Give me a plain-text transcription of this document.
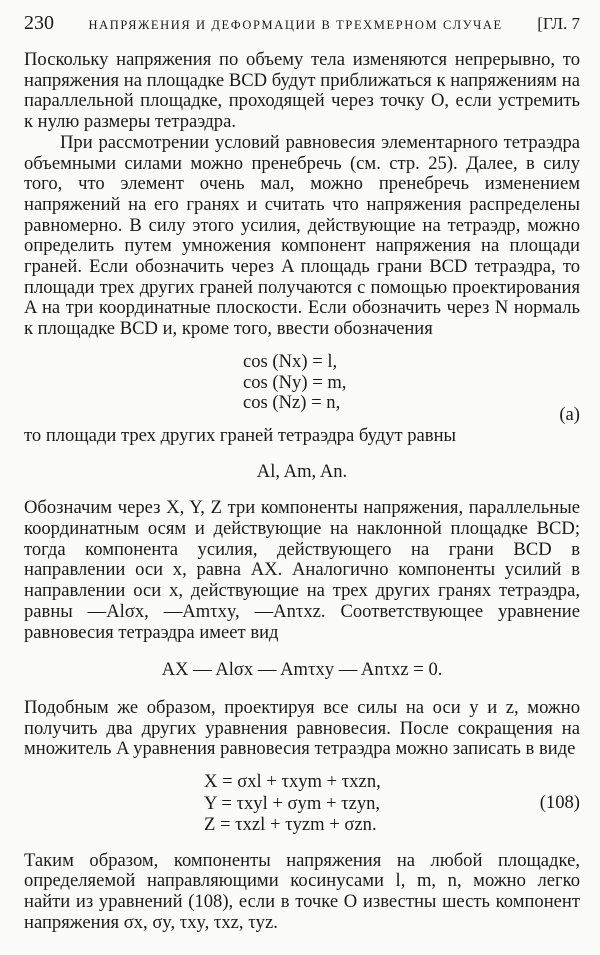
230	НАПРЯЖЕНИЯ И ДЕФОРМАЦИИ В ТРЕХМЕРНОМ СЛУЧАЕ [ГЛ. 7

Поскольку напряжения по объему тела изменяются непрерывно, то напряжения на площадке BCD будут приближаться к напряжениям на параллельной площадке, проходящей через точку O, если устремить к нулю размеры тетраэдра.

При рассмотрении условий равновесия элементарного тетраэдра объемными силами можно пренебречь (см. стр. 25). Далее, в силу того, что элемент очень мал, можно пренебречь изменением напряжений на его гранях и считать что напряжения распределены равномерно. В силу этого усилия, действующие на тетраэдр, можно определить путем умножения компонент напряжения на площади граней. Если обозначить через A площадь грани BCD тетраэдра, то площади трех других граней получаются с помощью проектирования A на три координатные плоскости. Если обозначить через N нормаль к площадке BCD и, кроме того, ввести обозначения

cos (Nx) = l,
cos (Ny) = m,
cos (Nz) = n,
(a)

то площади трех других граней тетраэдра будут равны

Al, Am, An.

Обозначим через X, Y, Z три компоненты напряжения, параллельные координатным осям и действующие на наклонной площадке BCD; тогда компонента усилия, действующего на грани BCD в направлении оси x, равна AX. Аналогично компоненты усилий в направлении оси x, действующие на трех других гранях тетраэдра, равны —Alσx, —Amτxy, —Anτxz. Соответствующее уравнение равновесия тетраэдра имеет вид

AX — Alσx — Amτxy — Anτxz = 0.

Подобным же образом, проектируя все силы на оси y и z, можно получить два других уравнения равновесия. После сокращения на множитель A уравнения равновесия тетраэдра можно записать в виде

X = σxl + τxym + τxzn,
Y = τxyl + σym + τzyn,
Z = τxzl + τyzm + σzn.
(108)

Таким образом, компоненты напряжения на любой площадке, определяемой направляющими косинусами l, m, n, можно легко найти из уравнений (108), если в точке O известны шесть компонент напряжения σx, σy, τxy, τxz, τyz.
